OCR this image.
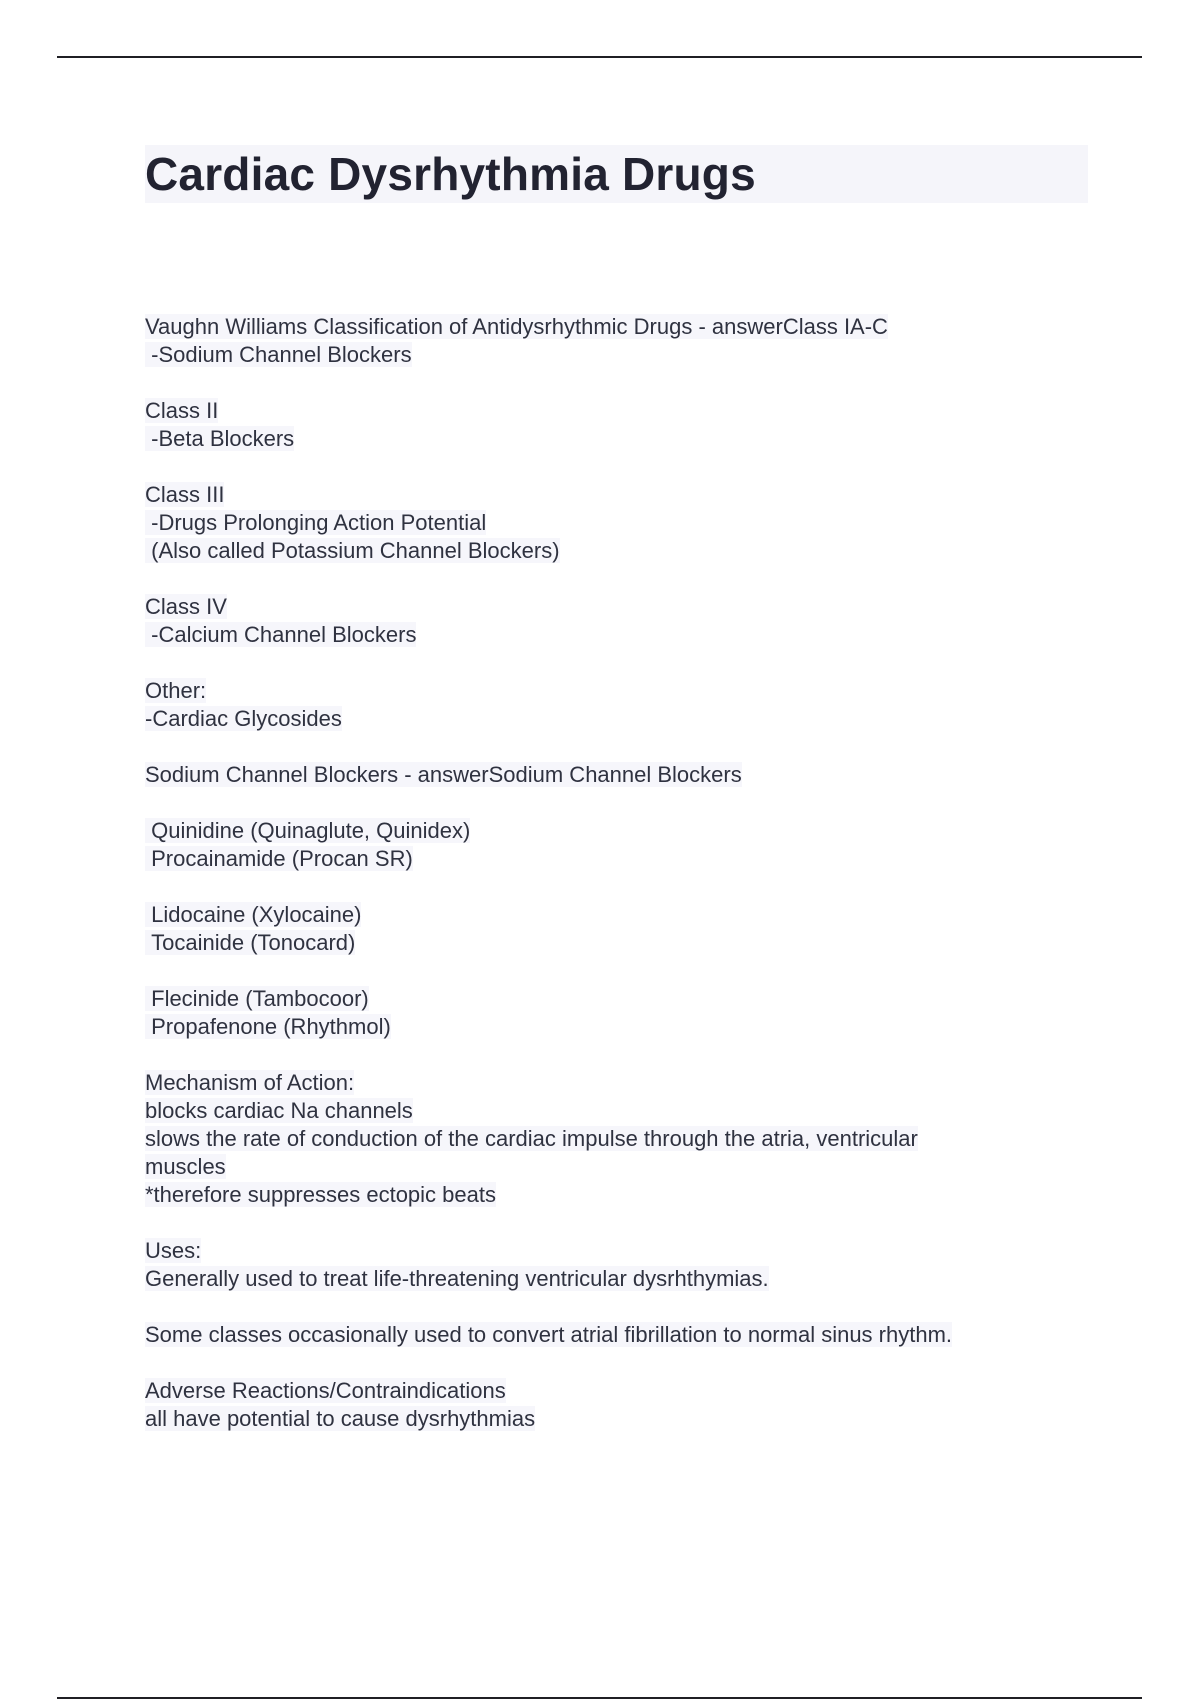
Cardiac Dysrhythmia Drugs
Vaughn Williams Classification of Antidysrhythmic Drugs - answerClass IA-C
-Sodium Channel Blockers
Class II
-Beta Blockers
Class III
-Drugs Prolonging Action Potential
(Also called Potassium Channel Blockers)
Class IV
-Calcium Channel Blockers
Other:
-Cardiac Glycosides
Sodium Channel Blockers - answerSodium Channel Blockers
Quinidine (Quinaglute, Quinidex)
Procainamide (Procan SR)
Lidocaine (Xylocaine)
Tocainide (Tonocard)
Flecinide (Tambocoor)
Propafenone (Rhythmol)
Mechanism of Action:
blocks cardiac Na channels
slows the rate of conduction of the cardiac impulse through the atria, ventricular
muscles
*therefore suppresses ectopic beats
Uses:
Generally used to treat life-threatening ventricular dysrhthymias.
Some classes occasionally used to convert atrial fibrillation to normal sinus rhythm.
Adverse Reactions/Contraindications
all have potential to cause dysrhythmias
